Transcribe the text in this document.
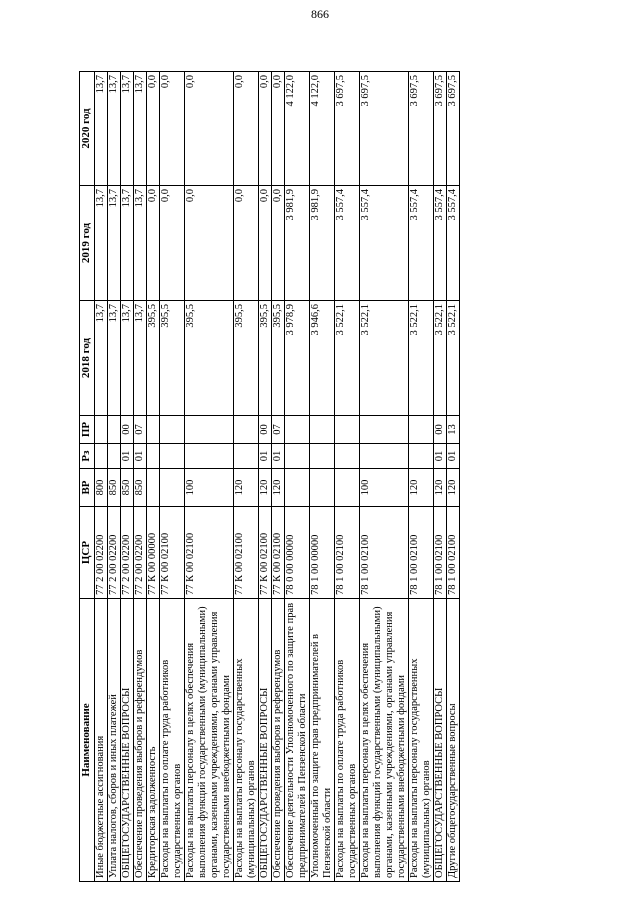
866
Наименование	ЦСР	ВР	Рз	ПР	2018 год	2019 год	2020 год
Иные бюджетные ассигнования	77 2 00 02200	800			13,7	13,7	13,7
Уплата налогов, сборов и иных платежей	77 2 00 02200	850			13,7	13,7	13,7
ОБЩЕГОСУДАРСТВЕННЫЕ ВОПРОСЫ	77 2 00 02200	850	01	00	13,7	13,7	13,7
Обеспечение проведения выборов и референдумов	77 2 00 02200	850	01	07	13,7	13,7	13,7
Кредиторская задолженность	77 К 00 00000				395,5	0,0	0,0
Расходы на выплаты по оплате труда работников государственных органов	77 К 00 02100				395,5	0,0	0,0
Расходы на выплаты персоналу в целях обеспечения выполнения функций государственными (муниципальными) органами, казенными учреждениями, органами управления государственными внебюджетными фондами	77 К 00 02100	100			395,5	0,0	0,0
Расходы на выплаты персоналу государственных (муниципальных) органов	77 К 00 02100	120			395,5	0,0	0,0
ОБЩЕГОСУДАРСТВЕННЫЕ ВОПРОСЫ	77 К 00 02100	120	01	00	395,5	0,0	0,0
Обеспечение проведения выборов и референдумов	77 К 00 02100	120	01	07	395,5	0,0	0,0
Обеспечение деятельности Уполномоченного по защите прав предпринимателей в Пензенской области	78 0 00 00000				3 978,9	3 981,9	4 122,0
Уполномоченный по защите прав предпринимателей в Пензенской области	78 1 00 00000				3 946,6	3 981,9	4 122,0
Расходы на выплаты по оплате труда работников государственных органов	78 1 00 02100				3 522,1	3 557,4	3 697,5
Расходы на выплаты персоналу в целях обеспечения выполнения функций государственными (муниципальными) органами, казенными учреждениями, органами управления государственными внебюджетными фондами	78 1 00 02100	100			3 522,1	3 557,4	3 697,5
Расходы на выплаты персоналу государственных (муниципальных) органов	78 1 00 02100	120			3 522,1	3 557,4	3 697,5
ОБЩЕГОСУДАРСТВЕННЫЕ ВОПРОСЫ	78 1 00 02100	120	01	00	3 522,1	3 557,4	3 697,5
Другие общегосударственные вопросы	78 1 00 02100	120	01	13	3 522,1	3 557,4	3 697,5
